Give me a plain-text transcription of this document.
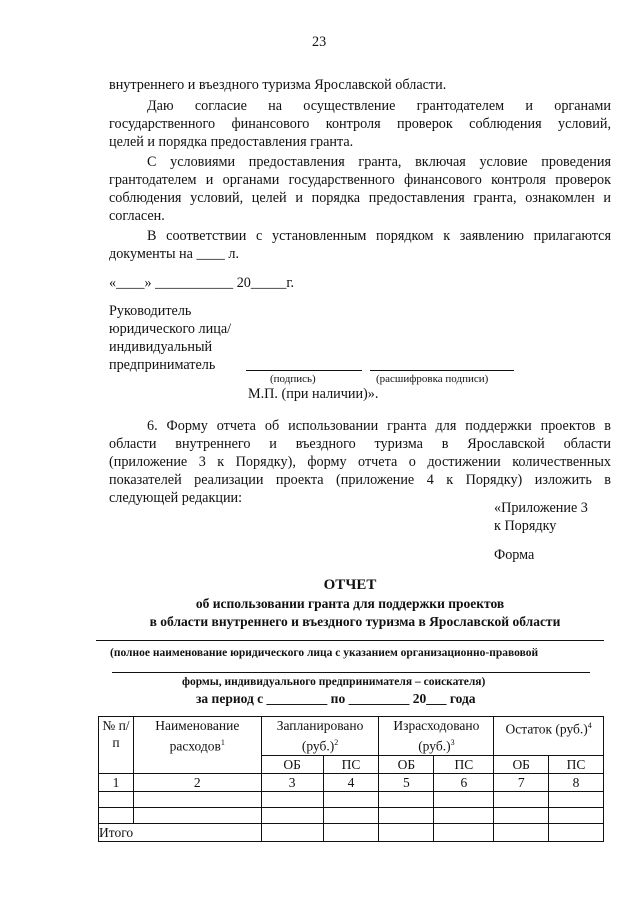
23
внутреннего и въездного туризма Ярославской области.
Даю согласие на осуществление грантодателем и органами
государственного финансового контроля проверок соблюдения условий,
целей и порядка предоставления гранта.
С условиями предоставления гранта, включая условие проведения
грантодателем и органами государственного финансового контроля проверок
соблюдения условий, целей и порядка предоставления гранта, ознакомлен и
согласен.
В соответствии с установленным порядком к заявлению прилагаются
документы на ____ л.
«____» ___________ 20_____г.
Руководитель
юридического лица/
индивидуальный
предприниматель
(подпись)	(расшифровка подписи)
М.П. (при наличии)».
6. Форму отчета об использовании гранта для поддержки проектов в
области внутреннего и въездного туризма в Ярославской области
(приложение 3 к Порядку), форму отчета о достижении количественных
показателей реализации проекта (приложение 4 к Порядку) изложить в
следующей редакции:
«Приложение 3
к Порядку
Форма
ОТЧЕТ
об использовании гранта для поддержки проектов
в области внутреннего и въездного туризма в Ярославской области
(полное наименование юридического лица с указанием организационно-правовой
формы, индивидуального предпринимателя – соискателя)
за период с _________ по _________ 20___ года
№ п/п	Наименование расходов$^1$	Запланировано $(руб.)^2$		Израсходовано $(руб.)^3$		Остаток $(руб.)^4$
		ОБ	ПС	ОБ	ПС	ОБ	ПС
1	2	3	4	5	6	7	8

Итого							
